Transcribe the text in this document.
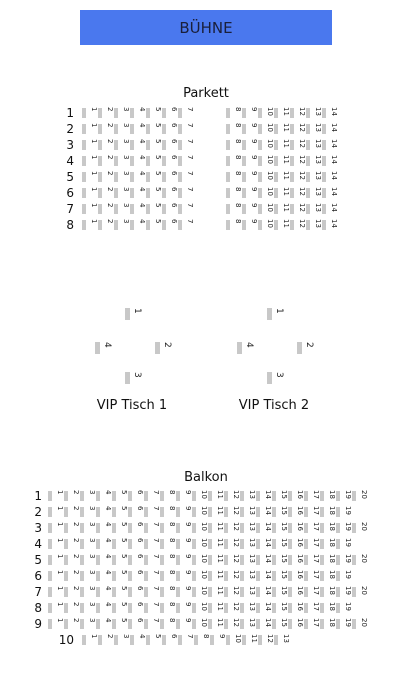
BÜHNE
Parkett
1 1 2 3 4 5 6 7	8 9 10 11 12 13 14
2 1 2 3 4 5 6 7	8 9 10 11 12 13 14
3 1 2 3 4 5 6 7	8 9 10 11 12 13 14
4 1 2 3 4 5 6 7	8 9 10 11 12 13 14
5 1 2 3 4 5 6 7	8 9 10 11 12 13 14
6 1 2 3 4 5 6 7	8 9 10 11 12 13 14
7 1 2 3 4 5 6 7	8 9 10 11 12 13 14
8 1 2 3 4 5 6 7	8 9 10 11 12 13 14
1
2
3
4
VIP Tisch 1
1
2
3
4
VIP Tisch 2
Balkon
1 1 2 3 4 5 6 7 8 9 10 11 12 13 14 15 16 17 18 19 20
2 1 2 3 4 5 6 7 8 9 10 11 12 13 14 15 16 17 18 19
3 1 2 3 4 5 6 7 8 9 10 11 12 13 14 15 16 17 18 19 20
4 1 2 3 4 5 6 7 8 9 10 11 12 13 14 15 16 17 18 19
5 1 2 3 4 5 6 7 8 9 10 11 12 13 14 15 16 17 18 19 20
6 1 2 3 4 5 6 7 8 9 10 11 12 13 14 15 16 17 18 19
7 1 2 3 4 5 6 7 8 9 10 11 12 13 14 15 16 17 18 19 20
8 1 2 3 4 5 6 7 8 9 10 11 12 13 14 15 16 17 18 19
9 1 2 3 4 5 6 7 8 9 10 11 12 13 14 15 16 17 18 19 20
10 1 2 3 4 5 6 7 8 9 10 11 12 13
